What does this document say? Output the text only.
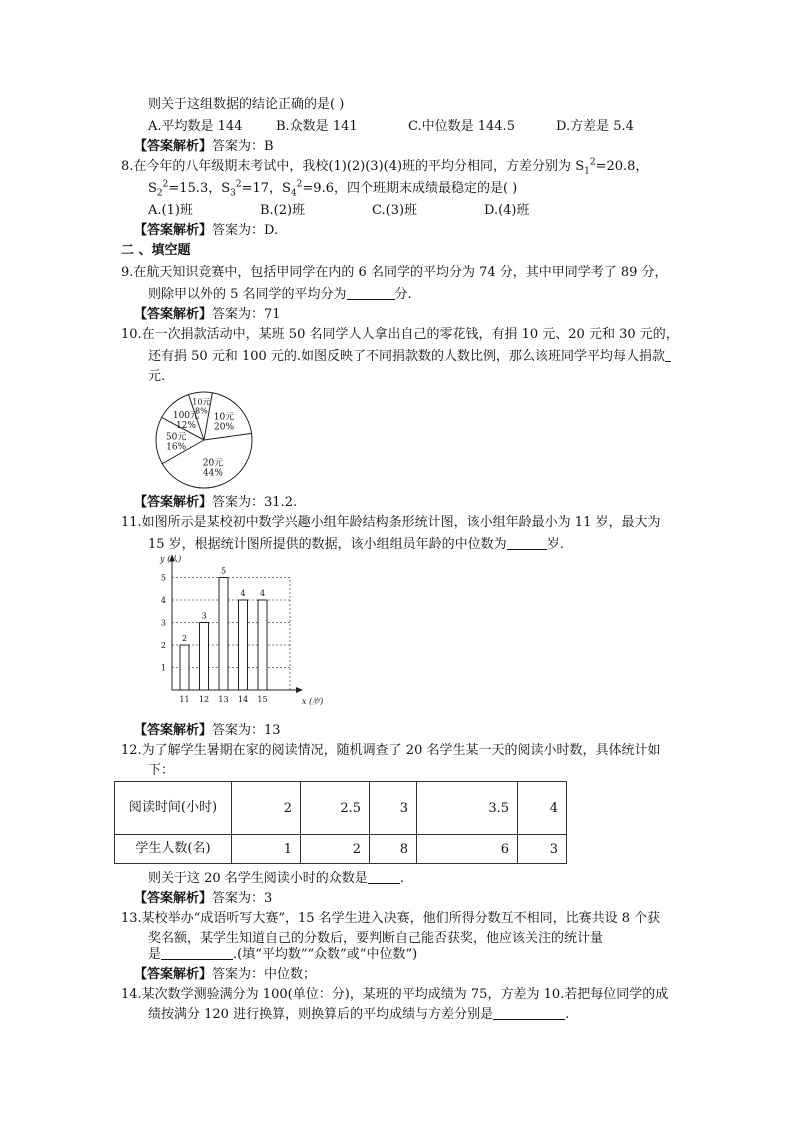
则关于这组数据的结论正确的是( )
A.平均数是 144	B.众数是 141	C.中位数是 144.5	D.方差是 5.4
【答案解析】答案为：B
8.在今年的八年级期末考试中，我校(1)(2)(3)(4)班的平均分相同，方差分别为 $S_1^2=20.8$，
$S_2^2=15.3$，$S_3^2=17$，$S_4^2=9.6$，四个班期末成绩最稳定的是( )
A.(1)班	B.(2)班	C.(3)班	D.(4)班
【答案解析】答案为：D.
二 、填空题
9.在航天知识竞赛中，包括甲同学在内的 6 名同学的平均分为 74 分，其中甲同学考了 89 分，
则除甲以外的 5 名同学的平均分为	分.
【答案解析】答案为：71
10.在一次捐款活动中，某班 50 名同学人人拿出自己的零花钱，有捐 10 元、20 元和 30 元的，
还有捐 50 元和 100 元的.如图反映了不同捐款数的人数比例，那么该班同学平均每人捐款
元.
100元
12%
10元
8%
10元
20%
20元
44%
50元
16%
【答案解析】答案为：31.2.
11.如图所示是某校初中数学兴趣小组年龄结构条形统计图，该小组年龄最小为 11 岁，最大为
15 岁，根据统计图所提供的数据，该小组组员年龄的中位数为	岁.
1
2
3
4
5
2
11
3
12
5
13
4
14
4
15
y (人)
x (岁)
【答案解析】答案为：13
12.为了解学生暑期在家的阅读情况，随机调查了 20 名学生某一天的阅读小时数，具体统计如
下：
阅读时间(小时)	2	2.5	3	3.5	4
学生人数(名)	1	2	8	6	3
则关于这 20 名学生阅读小时的众数是 .
【答案解析】答案为：3
13.某校举办“成语听写大赛”，15 名学生进入决赛，他们所得分数互不相同，比赛共设 8 个获
奖名额，某学生知道自己的分数后，要判断自己能否获奖，他应该关注的统计量
是	.(填“平均数”“众数”或“中位数”)
【答案解析】答案为：中位数；
14.某次数学测验满分为 100(单位：分)，某班的平均成绩为 75，方差为 10.若把每位同学的成
绩按满分 120 进行换算，则换算后的平均成绩与方差分别是	.
